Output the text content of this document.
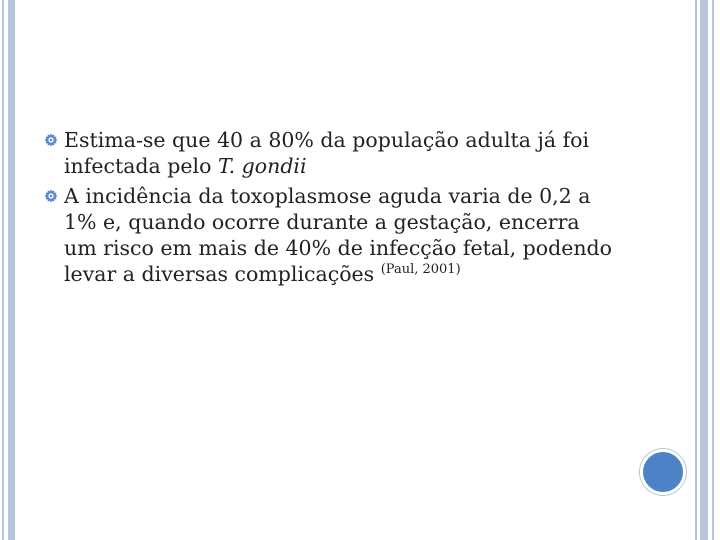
Estima-se que 40 a 80% da população adulta já foi infectada pelo T. gondii
A incidência da toxoplasmose aguda varia de 0,2 a 1% e, quando ocorre durante a gestação, encerra um risco em mais de 40% de infecção fetal, podendo levar a diversas complicações $^{(Paul, 2001)}$
